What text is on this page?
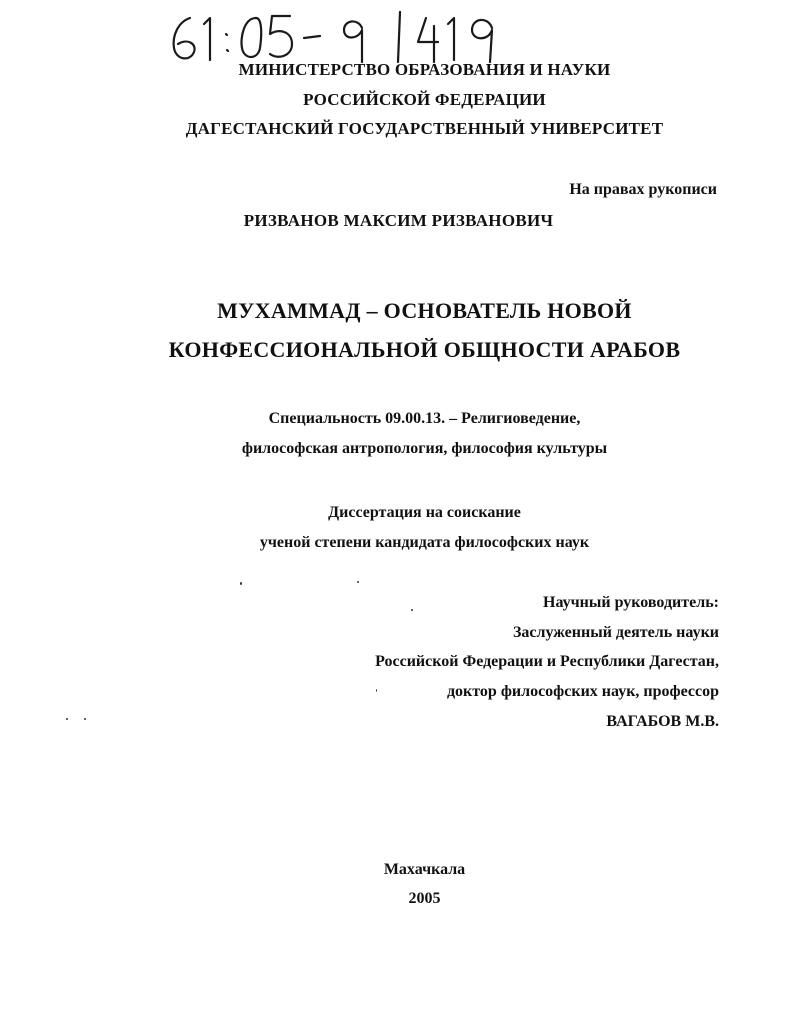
МИНИСТЕРСТВО ОБРАЗОВАНИЯ И НАУКИ
РОССИЙСКОЙ ФЕДЕРАЦИИ
ДАГЕСТАНСКИЙ ГОСУДАРСТВЕННЫЙ УНИВЕРСИТЕТ
На правах рукописи
РИЗВАНОВ МАКСИМ РИЗВАНОВИЧ
МУХАММАД – ОСНОВАТЕЛЬ НОВОЙ
КОНФЕССИОНАЛЬНОЙ ОБЩНОСТИ АРАБОВ
Специальность 09.00.13. – Религиоведение,
философская антропология, философия культуры
Диссертация на соискание
ученой степени кандидата философских наук
Научный руководитель:
Заслуженный деятель науки
Российской Федерации и Республики Дагестан,
доктор философских наук, профессор
ВАГАБОВ М.В.
Махачкала
2005
